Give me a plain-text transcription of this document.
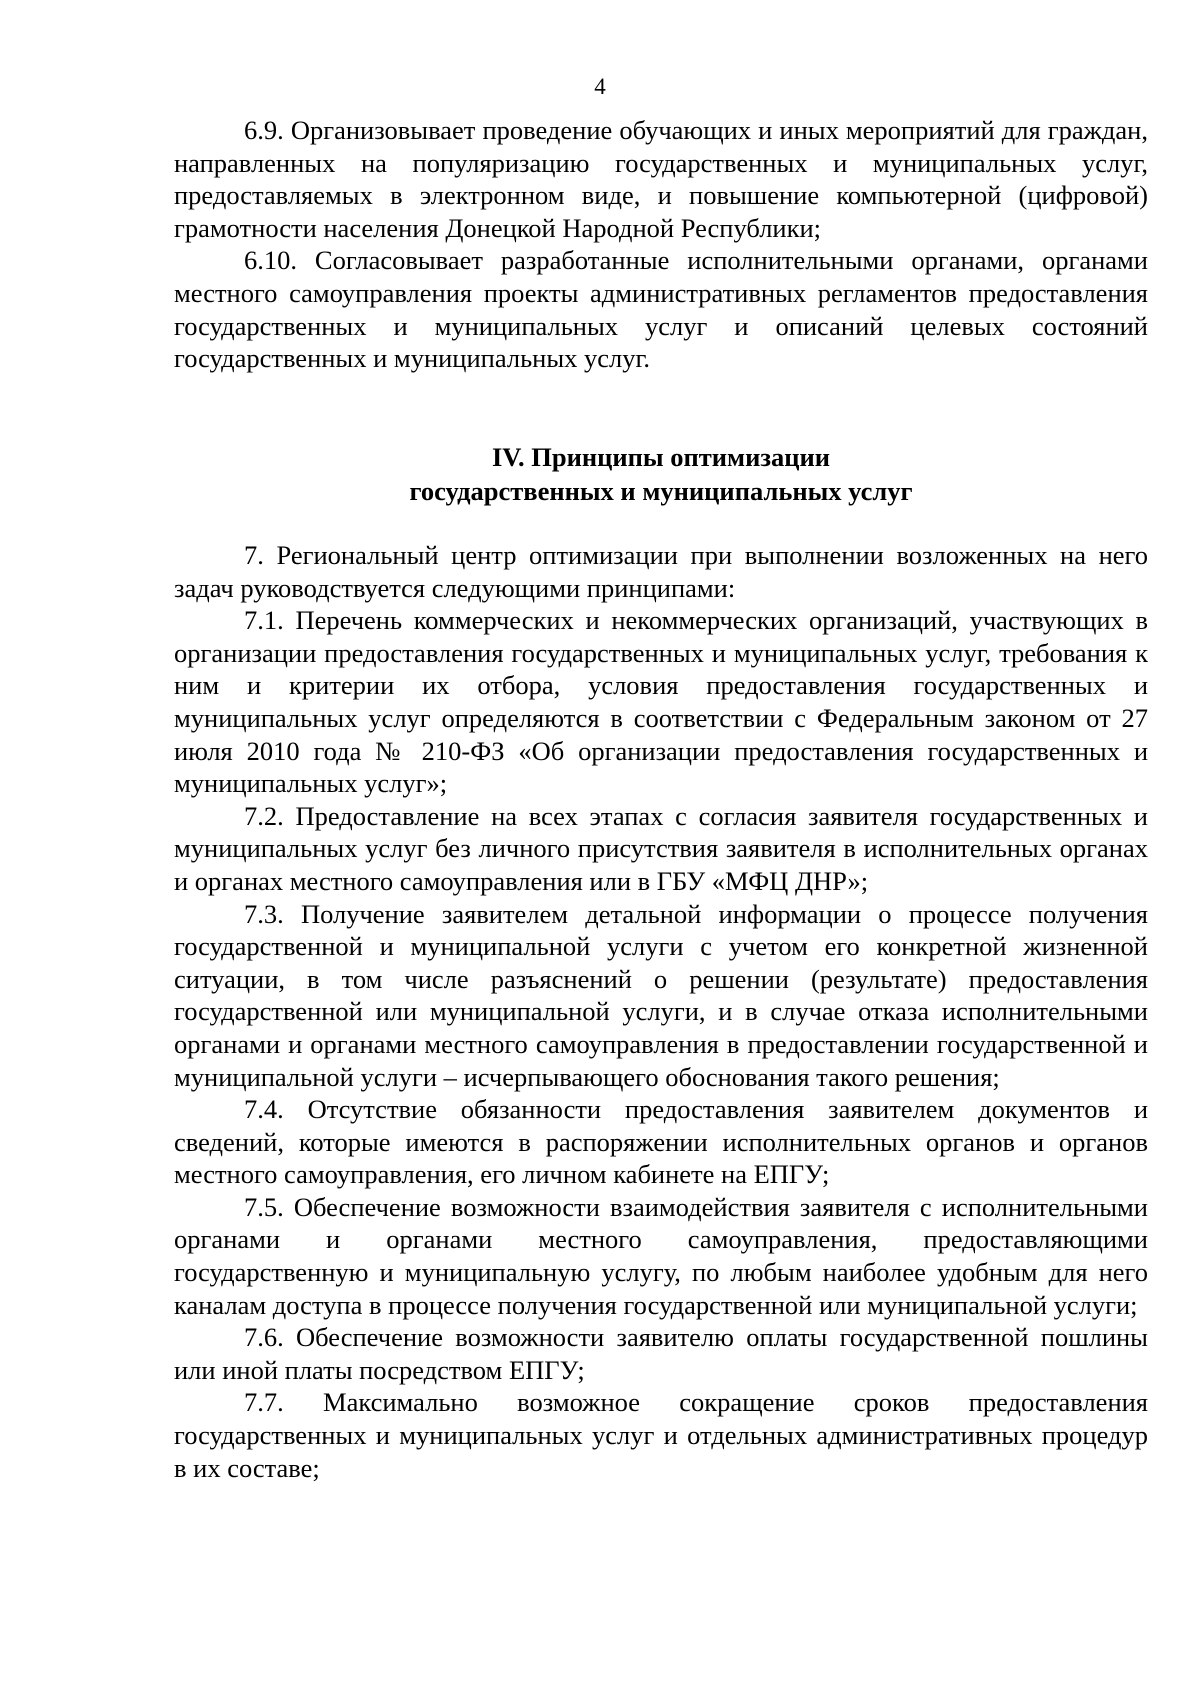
4

6.9. Организовывает проведение обучающих и иных мероприятий для граждан, направленных на популяризацию государственных и муниципальных услуг, предоставляемых в электронном виде, и повышение компьютерной (цифровой) грамотности населения Донецкой Народной Республики;

6.10. Согласовывает разработанные исполнительными органами, органами местного самоуправления проекты административных регламентов предоставления государственных и муниципальных услуг и описаний целевых состояний государственных и муниципальных услуг.

IV. Принципы оптимизации
государственных и муниципальных услуг

7. Региональный центр оптимизации при выполнении возложенных на него задач руководствуется следующими принципами:

7.1. Перечень коммерческих и некоммерческих организаций, участвующих в организации предоставления государственных и муниципальных услуг, требования к ним и критерии их отбора, условия предоставления государственных и муниципальных услуг определяются в соответствии с Федеральным законом от 27 июля 2010 года № 210-ФЗ «Об организации предоставления государственных и муниципальных услуг»;

7.2. Предоставление на всех этапах с согласия заявителя государственных и муниципальных услуг без личного присутствия заявителя в исполнительных органах и органах местного самоуправления или в ГБУ «МФЦ ДНР»;

7.3. Получение заявителем детальной информации о процессе получения государственной и муниципальной услуги с учетом его конкретной жизненной ситуации, в том числе разъяснений о решении (результате) предоставления государственной или муниципальной услуги, и в случае отказа исполнительными органами и органами местного самоуправления в предоставлении государственной и муниципальной услуги – исчерпывающего обоснования такого решения;

7.4. Отсутствие обязанности предоставления заявителем документов и сведений, которые имеются в распоряжении исполнительных органов и органов местного самоуправления, его личном кабинете на ЕПГУ;

7.5. Обеспечение возможности взаимодействия заявителя с исполнительными органами и органами местного самоуправления, предоставляющими государственную и муниципальную услугу, по любым наиболее удобным для него каналам доступа в процессе получения государственной или муниципальной услуги;

7.6. Обеспечение возможности заявителю оплаты государственной пошлины или иной платы посредством ЕПГУ;

7.7. Максимально возможное сокращение сроков предоставления государственных и муниципальных услуг и отдельных административных процедур в их составе;
